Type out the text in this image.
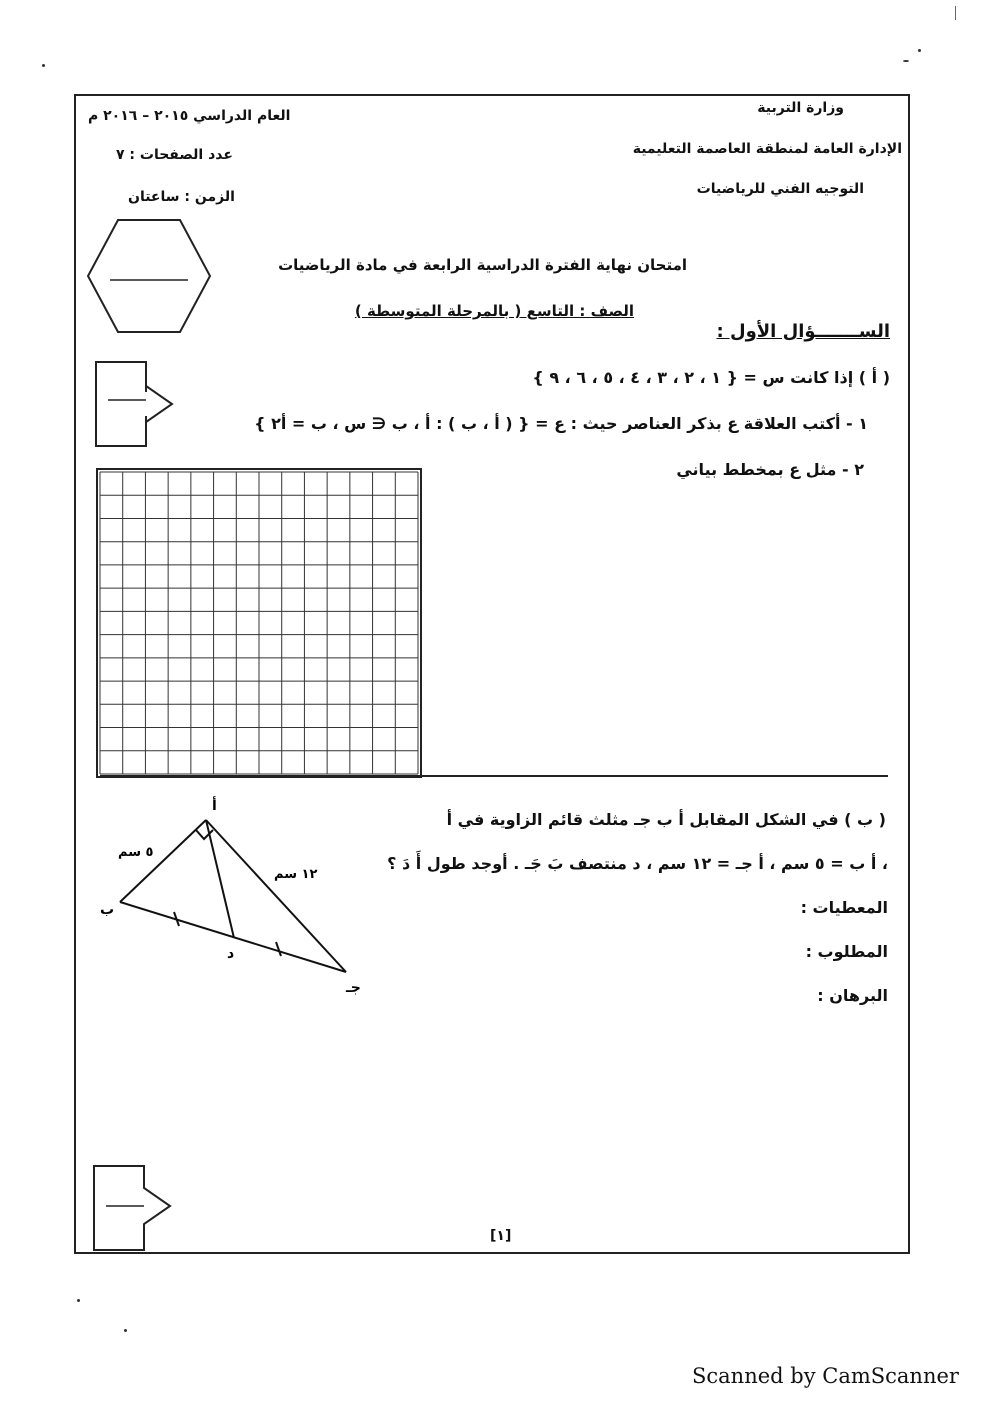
وزارة التربية
الإدارة العامة لمنطقة العاصمة التعليمية
التوجيه الفني للرياضيات
العام الدراسي ٢٠١٥ – ٢٠١٦ م
عدد الصفحات : ٧
الزمن : ساعتان
امتحان نهاية الفترة الدراسية الرابعة في مادة الرياضيات
الصف : التاسع ( بالمرحلة المتوسطة )
الســـــــؤال الأول :
( أ ) إذا كانت س = { ١ ، ٢ ، ٣ ، ٤ ، ٥ ، ٦ ، ٩ }
١ - أكتب العلاقة ع بذكر العناصر حيث : ع = { ( أ ، ب ) : أ ، ب ∈ س ، ب = أ٢ }
٢ - مثل ع بمخطط بياني
( ب ) في الشكل المقابل أ ب جـ مثلث قائم الزاوية في أ
، أ ب = ٥ سم ، أ جـ = ١٢ سم ، د منتصف بَ جَـ . أوجد طول أَ دَ ؟
المعطيات :
المطلوب :
البرهان :
أ
ب
جـ
د
٥ سم
١٢ سم
[١]
Scanned by CamScanner
